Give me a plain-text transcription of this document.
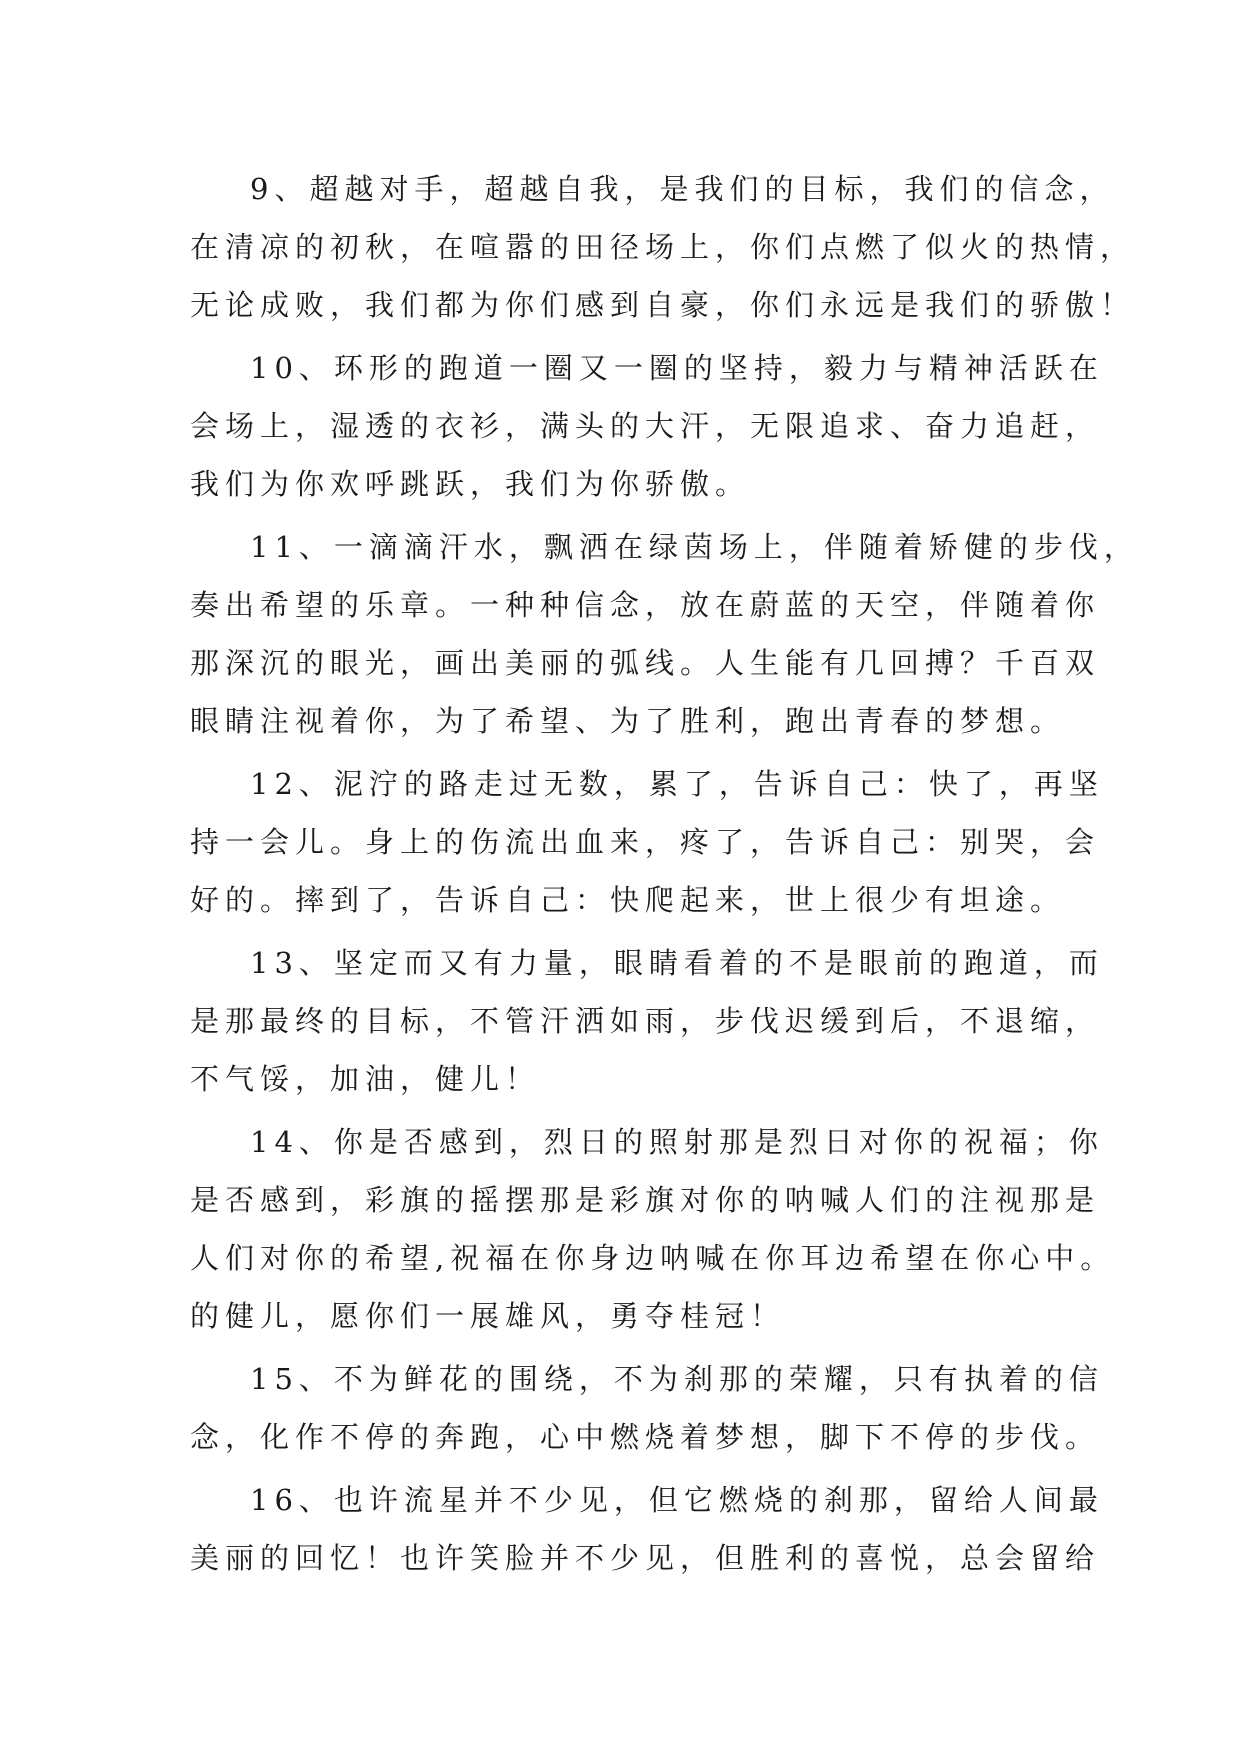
9、超越对手，超越自我，是我们的目标，我们的信念，
在清凉的初秋，在喧嚣的田径场上，你们点燃了似火的热情，
无论成败，我们都为你们感到自豪，你们永远是我们的骄傲！

10、环形的跑道一圈又一圈的坚持，毅力与精神活跃在
会场上，湿透的衣衫，满头的大汗，无限追求、奋力追赶，
我们为你欢呼跳跃，我们为你骄傲。

11、一滴滴汗水，飘洒在绿茵场上，伴随着矫健的步伐，
奏出希望的乐章。一种种信念，放在蔚蓝的天空，伴随着你
那深沉的眼光，画出美丽的弧线。人生能有几回搏？千百双
眼睛注视着你，为了希望、为了胜利，跑出青春的梦想。

12、泥泞的路走过无数，累了，告诉自己：快了，再坚
持一会儿。身上的伤流出血来，疼了，告诉自己：别哭，会
好的。摔到了，告诉自己：快爬起来，世上很少有坦途。

13、坚定而又有力量，眼睛看着的不是眼前的跑道，而
是那最终的目标，不管汗洒如雨，步伐迟缓到后，不退缩，
不气馁，加油，健儿！

14、你是否感到，烈日的照射那是烈日对你的祝福；你
是否感到，彩旗的摇摆那是彩旗对你的呐喊人们的注视那是
人们对你的希望,祝福在你身边呐喊在你耳边希望在你心中。
的健儿，愿你们一展雄风，勇夺桂冠！

15、不为鲜花的围绕，不为刹那的荣耀，只有执着的信
念，化作不停的奔跑，心中燃烧着梦想，脚下不停的步伐。

16、也许流星并不少见，但它燃烧的刹那，留给人间最
美丽的回忆！也许笑脸并不少见，但胜利的喜悦，总会留给
